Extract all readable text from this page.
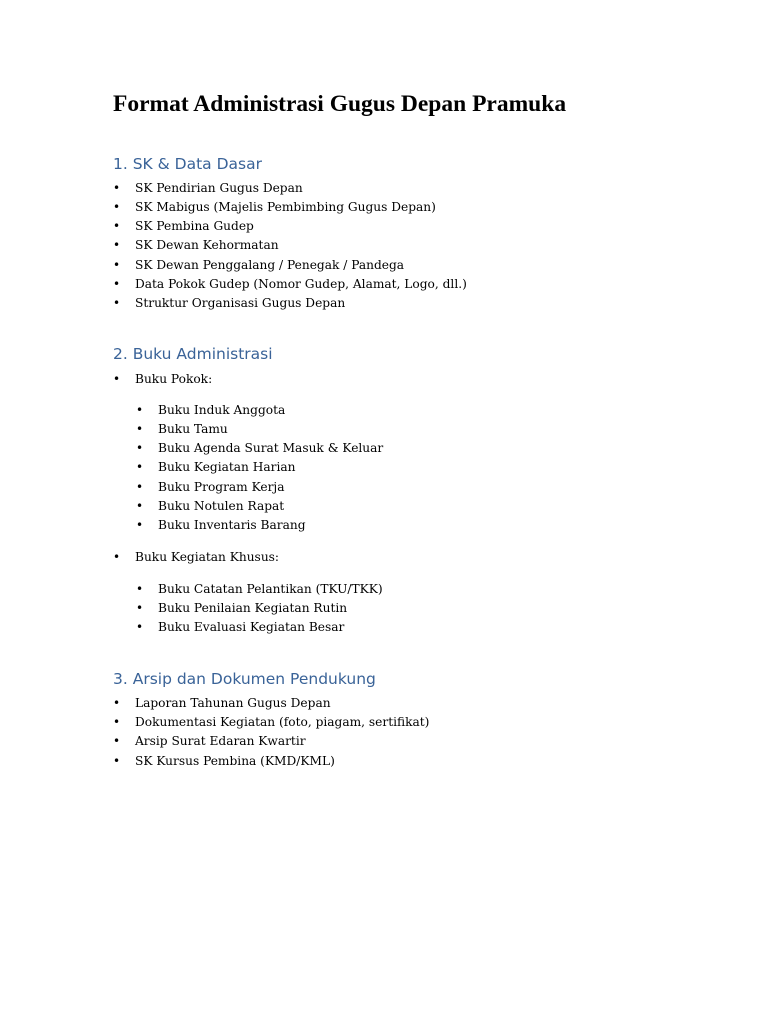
Format Administrasi Gugus Depan Pramuka
1. SK & Data Dasar
• SK Pendirian Gugus Depan
• SK Mabigus (Majelis Pembimbing Gugus Depan)
• SK Pembina Gudep
• SK Dewan Kehormatan
• SK Dewan Penggalang / Penegak / Pandega
• Data Pokok Gudep (Nomor Gudep, Alamat, Logo, dll.)
• Struktur Organisasi Gugus Depan
2. Buku Administrasi
• Buku Pokok:
• Buku Induk Anggota
• Buku Tamu
• Buku Agenda Surat Masuk & Keluar
• Buku Kegiatan Harian
• Buku Program Kerja
• Buku Notulen Rapat
• Buku Inventaris Barang
• Buku Kegiatan Khusus:
• Buku Catatan Pelantikan (TKU/TKK)
• Buku Penilaian Kegiatan Rutin
• Buku Evaluasi Kegiatan Besar
3. Arsip dan Dokumen Pendukung
• Laporan Tahunan Gugus Depan
• Dokumentasi Kegiatan (foto, piagam, sertifikat)
• Arsip Surat Edaran Kwartir
• SK Kursus Pembina (KMD/KML)
